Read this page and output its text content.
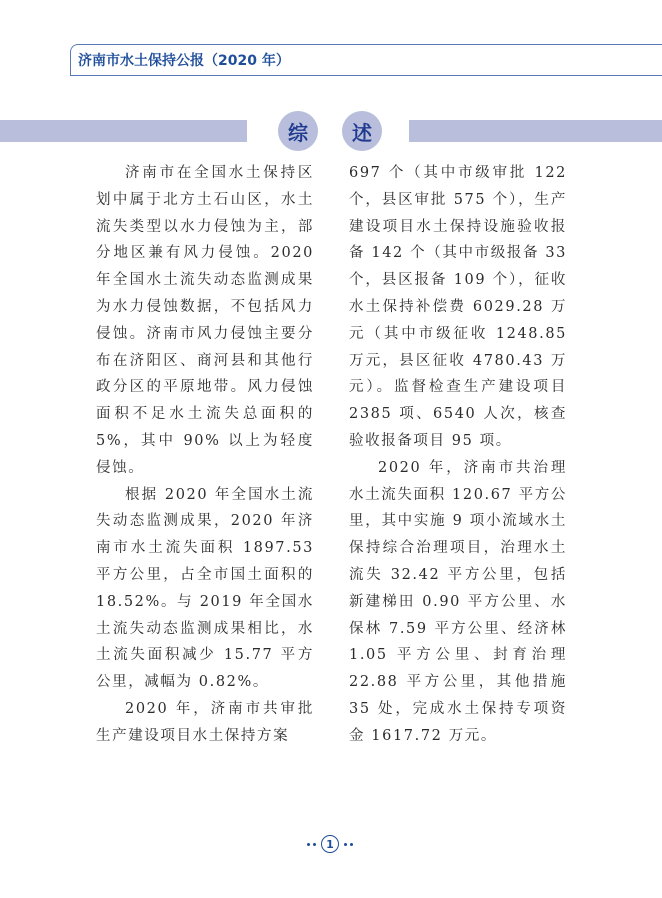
济南市水土保持公报（2020 年）
综	述

济南市在全国水土保持区划中属于北方土石山区，水土流失类型以水力侵蚀为主，部分地区兼有风力侵蚀。2020 年全国水土流失动态监测成果为水力侵蚀数据，不包括风力侵蚀。济南市风力侵蚀主要分布在济阳区、商河县和其他行政分区的平原地带。风力侵蚀面积不足水土流失总面积的 5%，其中 90% 以上为轻度侵蚀。

根据 2020 年全国水土流失动态监测成果，2020 年济南市水土流失面积 1897.53 平方公里，占全市国土面积的 18.52%。与 2019 年全国水土流失动态监测成果相比，水土流失面积减少 15.77 平方公里，减幅为 0.82%。

2020 年，济南市共审批生产建设项目水土保持方案

697 个（其中市级审批 122 个，县区审批 575 个），生产建设项目水土保持设施验收报备 142 个（其中市级报备 33 个，县区报备 109 个），征收水土保持补偿费 6029.28 万元（其中市级征收 1248.85 万元，县区征收 4780.43 万元）。监督检查生产建设项目 2385 项、6540 人次，核查验收报备项目 95 项。

2020 年，济南市共治理水土流失面积 120.67 平方公里，其中实施 9 项小流域水土保持综合治理项目，治理水土流失 32.42 平方公里，包括新建梯田 0.90 平方公里、水保林 7.59 平方公里、经济林 1.05 平方公里、封育治理 22.88 平方公里，其他措施 35 处，完成水土保持专项资金 1617.72 万元。

1
